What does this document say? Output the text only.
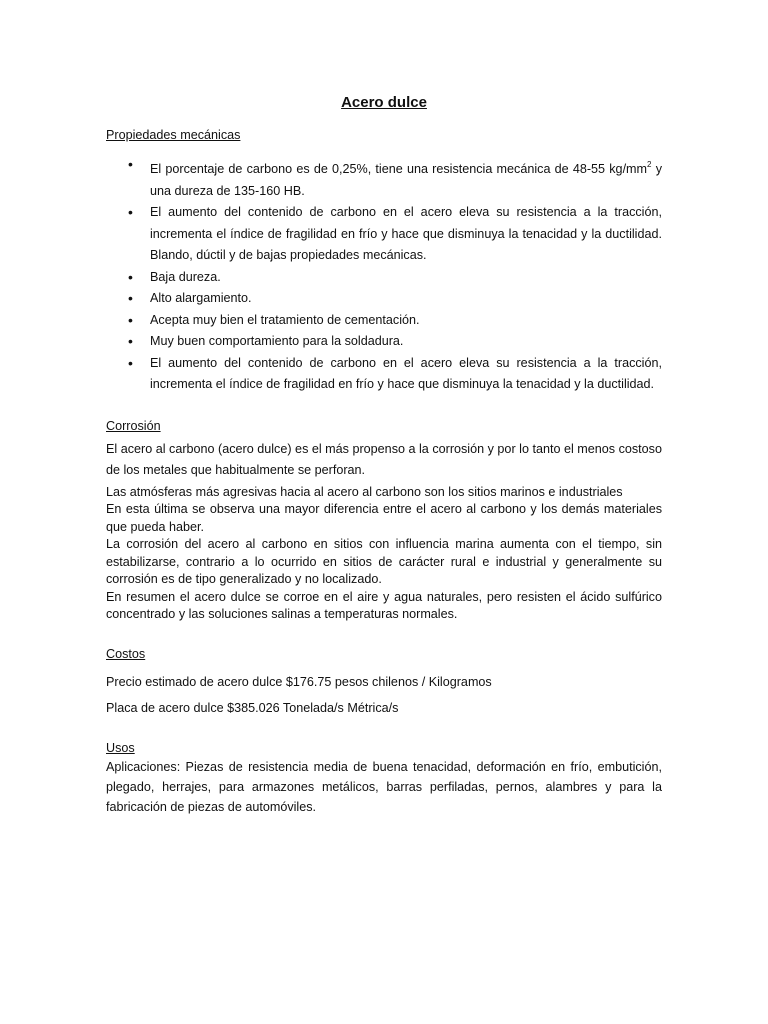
Acero dulce

Propiedades mecánicas

• El porcentaje de carbono es de 0,25%, tiene una resistencia mecánica de 48-55 $kg/mm^2$ y una dureza de 135-160 HB.
• El aumento del contenido de carbono en el acero eleva su resistencia a la tracción, incrementa el índice de fragilidad en frío y hace que disminuya la tenacidad y la ductilidad. Blando, dúctil y de bajas propiedades mecánicas.
• Baja dureza.
• Alto alargamiento.
• Acepta muy bien el tratamiento de cementación.
• Muy buen comportamiento para la soldadura.
• El aumento del contenido de carbono en el acero eleva su resistencia a la tracción, incrementa el índice de fragilidad en frío y hace que disminuya la tenacidad y la ductilidad.

Corrosión

El acero al carbono (acero dulce) es el más propenso a la corrosión y por lo tanto el menos costoso de los metales que habitualmente se perforan.

Las atmósferas más agresivas hacia al acero al carbono son los sitios marinos e industriales

En esta última se observa una mayor diferencia entre el acero al carbono y los demás materiales que pueda haber.

La corrosión del acero al carbono en sitios con influencia marina aumenta con el tiempo, sin estabilizarse, contrario a lo ocurrido en sitios de carácter rural e industrial y generalmente su corrosión es de tipo generalizado y no localizado.

En resumen el acero dulce se corroe en el aire y agua naturales, pero resisten el ácido sulfúrico concentrado y las soluciones salinas a temperaturas normales.

Costos

Precio estimado de acero dulce $176.75 pesos chilenos / Kilogramos

Placa de acero dulce $385.026 Tonelada/s Métrica/s

Usos

Aplicaciones: Piezas de resistencia media de buena tenacidad, deformación en frío, embutición, plegado, herrajes, para armazones metálicos, barras perfiladas, pernos, alambres y para la fabricación de piezas de automóviles.
